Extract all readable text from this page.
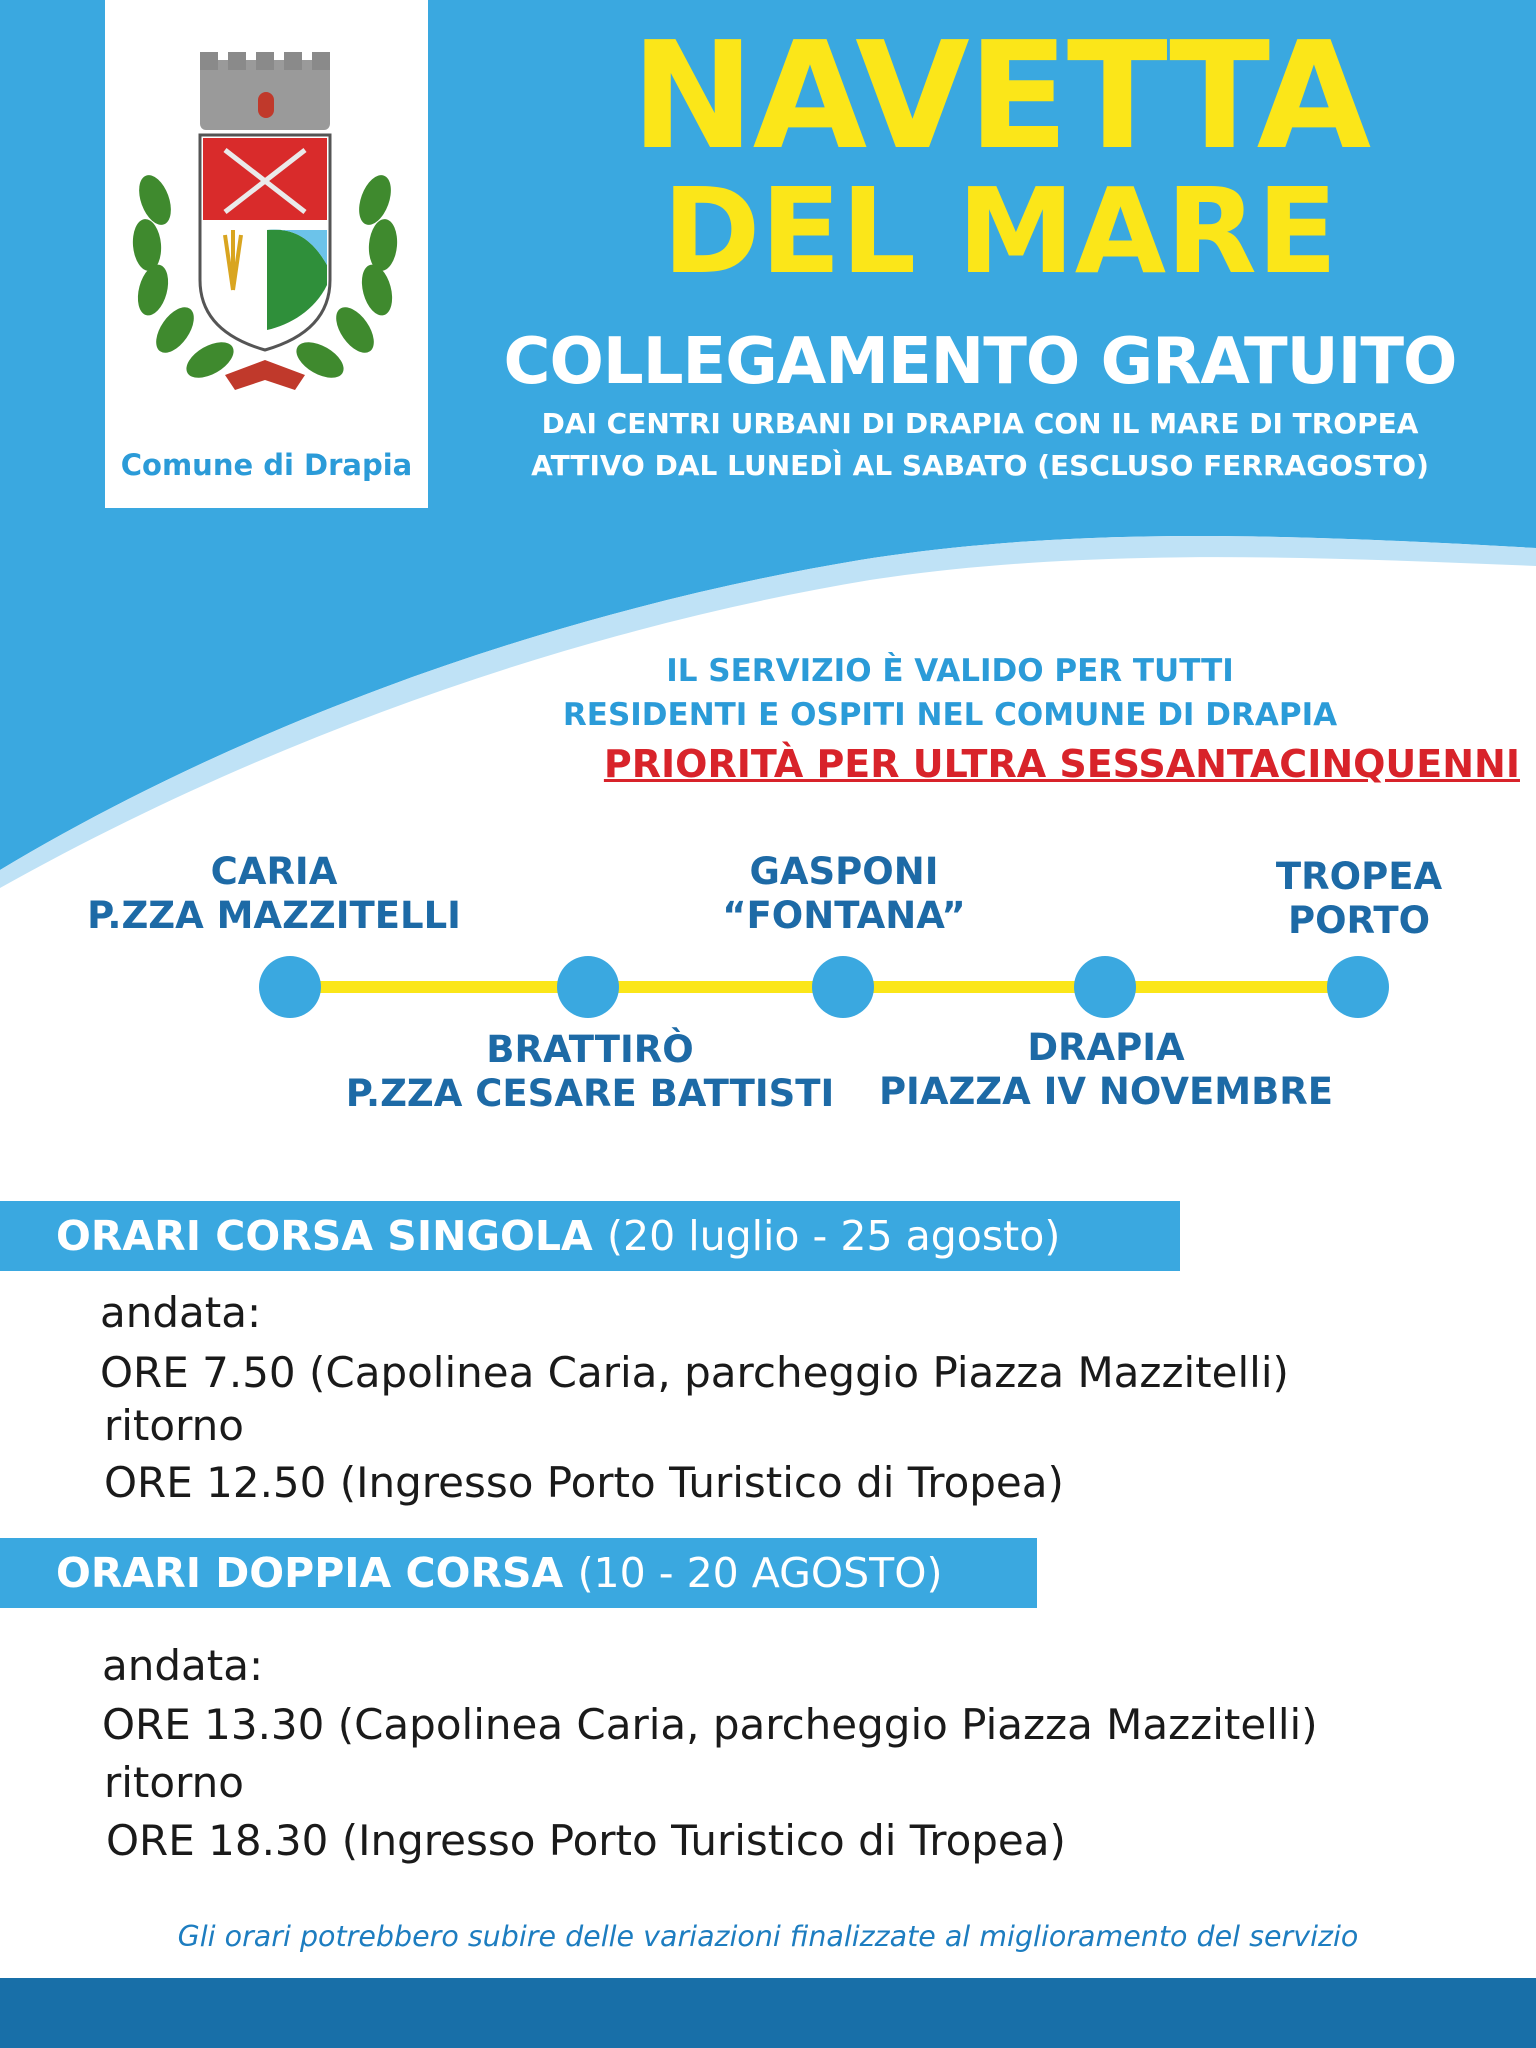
Comune di Drapia
NAVETTA
DEL MARE
COLLEGAMENTO GRATUITO
DAI CENTRI URBANI DI DRAPIA CON IL MARE DI TROPEA
ATTIVO DAL LUNEDÌ AL SABATO (ESCLUSO FERRAGOSTO)
IL SERVIZIO È VALIDO PER TUTTI
RESIDENTI E OSPITI NEL COMUNE DI DRAPIA
PRIORITÀ PER ULTRA SESSANTACINQUENNI
CARIA
P.ZZA MAZZITELLI
BRATTIRÒ
P.ZZA CESARE BATTISTI
GASPONI
“FONTANA”
DRAPIA
PIAZZA IV NOVEMBRE
TROPEA
PORTO
ORARI CORSA SINGOLA (20 luglio - 25 agosto)
andata:
ORE 7.50 (Capolinea Caria, parcheggio Piazza Mazzitelli)
ritorno
ORE 12.50 (Ingresso Porto Turistico di Tropea)
ORARI DOPPIA CORSA (10 - 20 AGOSTO)
andata:
ORE 13.30 (Capolinea Caria, parcheggio Piazza Mazzitelli)
ritorno
ORE 18.30 (Ingresso Porto Turistico di Tropea)
Gli orari potrebbero subire delle variazioni finalizzate al miglioramento del servizio
